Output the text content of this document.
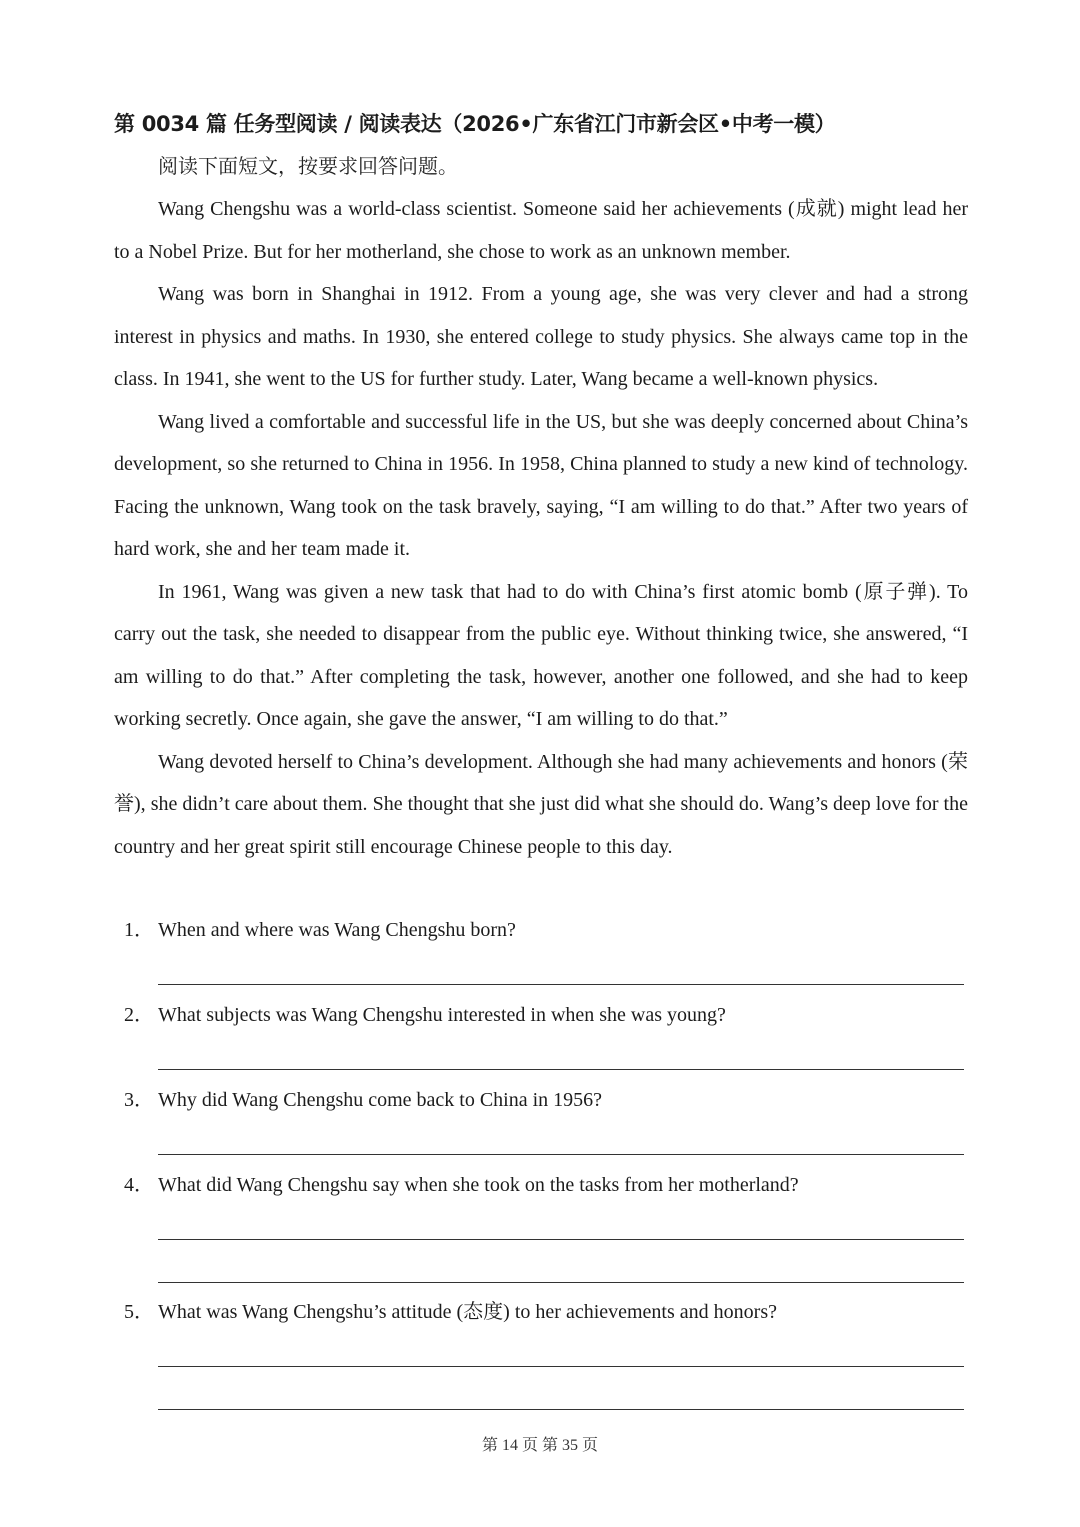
第 0034 篇 任务型阅读 / 阅读表达（2026•广东省江门市新会区•中考一模）
阅读下面短文，按要求回答问题。

Wang Chengshu was a world-class scientist. Someone said her achievements (成就) might lead her to a Nobel Prize. But for her motherland, she chose to work as an unknown member.

Wang was born in Shanghai in 1912. From a young age, she was very clever and had a strong interest in physics and maths. In 1930, she entered college to study physics. She always came top in the class. In 1941, she went to the US for further study. Later, Wang became a well-known physics.

Wang lived a comfortable and successful life in the US, but she was deeply concerned about China’s development, so she returned to China in 1956. In 1958, China planned to study a new kind of technology. Facing the unknown, Wang took on the task bravely, saying, “I am willing to do that.” After two years of hard work, she and her team made it.

In 1961, Wang was given a new task that had to do with China’s first atomic bomb (原子弹). To carry out the task, she needed to disappear from the public eye. Without thinking twice, she answered, “I am willing to do that.” After completing the task, however, another one followed, and she had to keep working secretly. Once again, she gave the answer, “I am willing to do that.”

Wang devoted herself to China’s development. Although she had many achievements and honors (荣誉), she didn’t care about them. She thought that she just did what she should do. Wang’s deep love for the country and her great spirit still encourage Chinese people to this day.

1． When and where was Wang Chengshu born?
2． What subjects was Wang Chengshu interested in when she was young?
3． Why did Wang Chengshu come back to China in 1956?
4． What did Wang Chengshu say when she took on the tasks from her motherland?
5． What was Wang Chengshu’s attitude (态度) to her achievements and honors?
第 14 页 第 35 页
